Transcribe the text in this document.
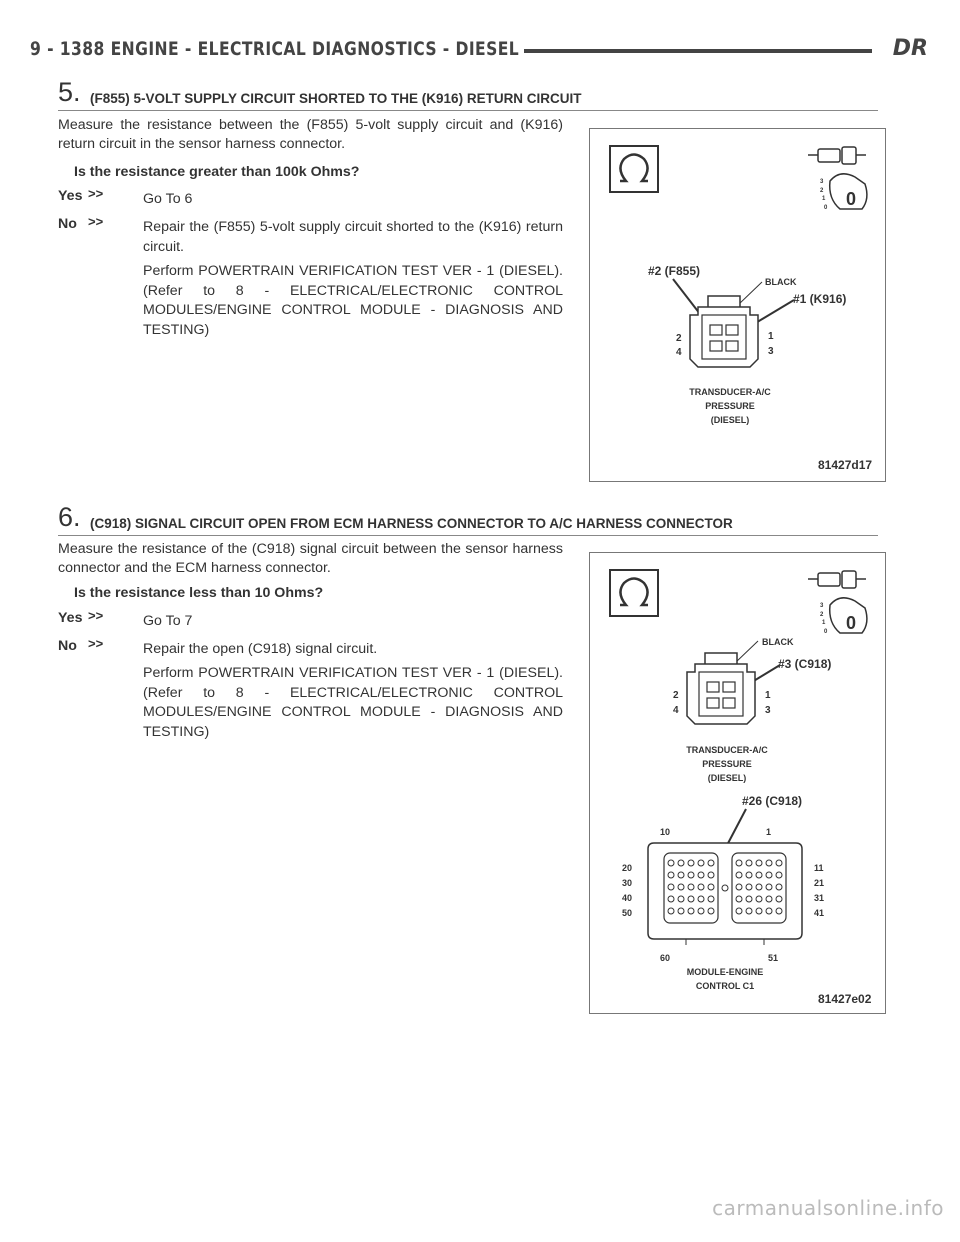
9 - 1388 ENGINE - ELECTRICAL DIAGNOSTICS - DIESEL	DR
5. (F855) 5-VOLT SUPPLY CIRCUIT SHORTED TO THE (K916) RETURN CIRCUIT
Measure the resistance between the (F855) 5-volt supply circuit and (K916) return circuit in the sensor harness connector.
Is the resistance greater than 100k Ohms?
Yes >>	Go To 6
No >>	Repair the (F855) 5-volt supply circuit shorted to the (K916) return circuit.
Perform POWERTRAIN VERIFICATION TEST VER - 1 (DIESEL). (Refer to 8 - ELECTRICAL/ELECTRONIC CONTROL MODULES/ENGINE CONTROL MODULE - DIAGNOSIS AND TESTING)
0
3
2
1
0
#2 (F855)
BLACK
#1 (K916)
2
4
1
3
TRANSDUCER-A/C
PRESSURE
(DIESEL)
81427d17
6. (C918) SIGNAL CIRCUIT OPEN FROM ECM HARNESS CONNECTOR TO A/C HARNESS CONNECTOR
Measure the resistance of the (C918) signal circuit between the sensor harness connector and the ECM harness connector.
Is the resistance less than 10 Ohms?
Yes >>	Go To 7
No >>	Repair the open (C918) signal circuit.
Perform POWERTRAIN VERIFICATION TEST VER - 1 (DIESEL). (Refer to 8 - ELECTRICAL/ELECTRONIC CONTROL MODULES/ENGINE CONTROL MODULE - DIAGNOSIS AND TESTING)
0
3
2
1
0
BLACK
#3 (C918)
2
4
1
3
TRANSDUCER-A/C
PRESSURE
(DIESEL)
#26 (C918)
10	1
20
30
40
50
11
21
31
41
60	51
MODULE-ENGINE
CONTROL C1
81427e02
carmanualsonline.info
